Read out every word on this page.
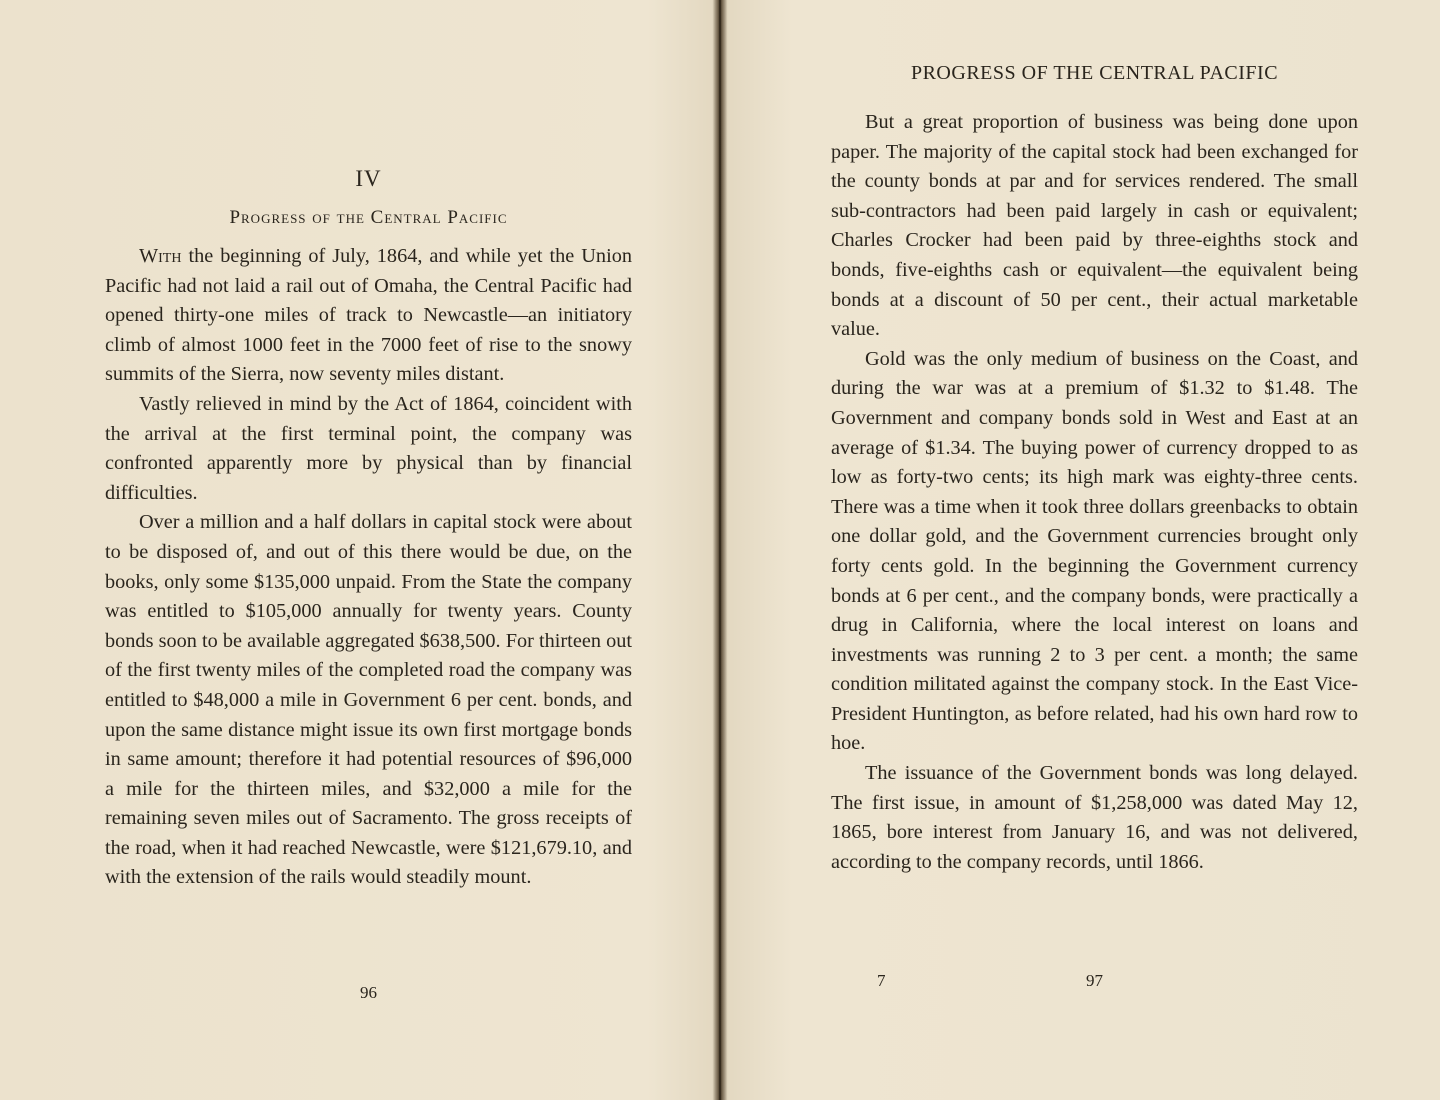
IV
Progress of the Central Pacific

With the beginning of July, 1864, and while yet the Union Pacific had not laid a rail out of Omaha, the Central Pacific had opened thirty-one miles of track to Newcastle—an initiatory climb of almost 1000 feet in the 7000 feet of rise to the snowy summits of the Sierra, now seventy miles distant.

Vastly relieved in mind by the Act of 1864, coincident with the arrival at the first terminal point, the company was confronted apparently more by physical than by financial difficulties.

Over a million and a half dollars in capital stock were about to be disposed of, and out of this there would be due, on the books, only some $135,000 unpaid. From the State the company was entitled to $105,000 annually for twenty years. County bonds soon to be available aggregated $638,500. For thirteen out of the first twenty miles of the completed road the company was entitled to $48,000 a mile in Government 6 per cent. bonds, and upon the same distance might issue its own first mortgage bonds in same amount; therefore it had potential resources of $96,000 a mile for the thirteen miles, and $32,000 a mile for the remaining seven miles out of Sacramento. The gross receipts of the road, when it had reached Newcastle, were $121,679.10, and with the extension of the rails would steadily mount.

96
PROGRESS OF THE CENTRAL PACIFIC

But a great proportion of business was being done upon paper. The majority of the capital stock had been exchanged for the county bonds at par and for services rendered. The small sub-contractors had been paid largely in cash or equivalent; Charles Crocker had been paid by three-eighths stock and bonds, five-eighths cash or equivalent—the equivalent being bonds at a discount of 50 per cent., their actual marketable value.

Gold was the only medium of business on the Coast, and during the war was at a premium of $1.32 to $1.48. The Government and company bonds sold in West and East at an average of $1.34. The buying power of currency dropped to as low as forty-two cents; its high mark was eighty-three cents. There was a time when it took three dollars greenbacks to obtain one dollar gold, and the Government currencies brought only forty cents gold. In the beginning the Government currency bonds at 6 per cent., and the company bonds, were practically a drug in California, where the local interest on loans and investments was running 2 to 3 per cent. a month; the same condition militated against the company stock. In the East Vice-President Huntington, as before related, had his own hard row to hoe.

The issuance of the Government bonds was long delayed. The first issue, in amount of $1,258,000 was dated May 12, 1865, bore interest from January 16, and was not delivered, according to the company records, until 1866.

7	97
